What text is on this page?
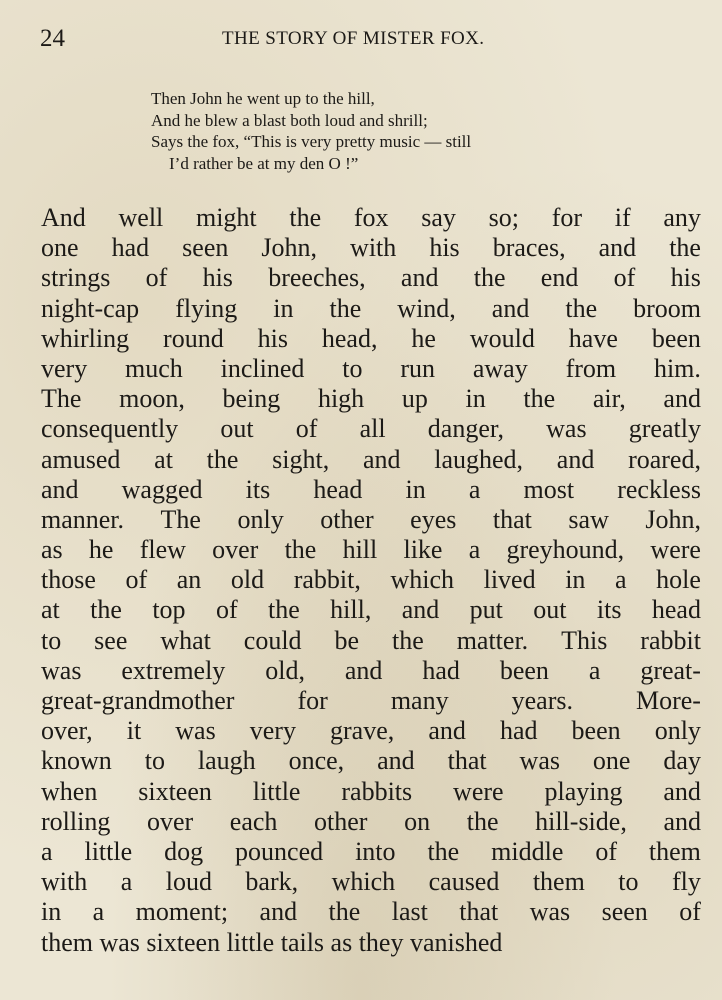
24	THE STORY OF MISTER FOX.
Then John he went up to the hill,
And he blew a blast both loud and shrill;
Says the fox, “This is very pretty music — still
I’d rather be at my den O !”
And well might the fox say so; for if any
one had seen John, with his braces, and the
strings of his breeches, and the end of his
night-cap flying in the wind, and the broom
whirling round his head, he would have been
very much inclined to run away from him.
The moon, being high up in the air, and
consequently out of all danger, was greatly
amused at the sight, and laughed, and roared,
and wagged its head in a most reckless
manner. The only other eyes that saw John,
as he flew over the hill like a greyhound, were
those of an old rabbit, which lived in a hole
at the top of the hill, and put out its head
to see what could be the matter. This rabbit
was extremely old, and had been a great-
great-grandmother for many years. More-
over, it was very grave, and had been only
known to laugh once, and that was one day
when sixteen little rabbits were playing and
rolling over each other on the hill-side, and
a little dog pounced into the middle of them
with a loud bark, which caused them to fly
in a moment; and the last that was seen of
them was sixteen little tails as they vanished
